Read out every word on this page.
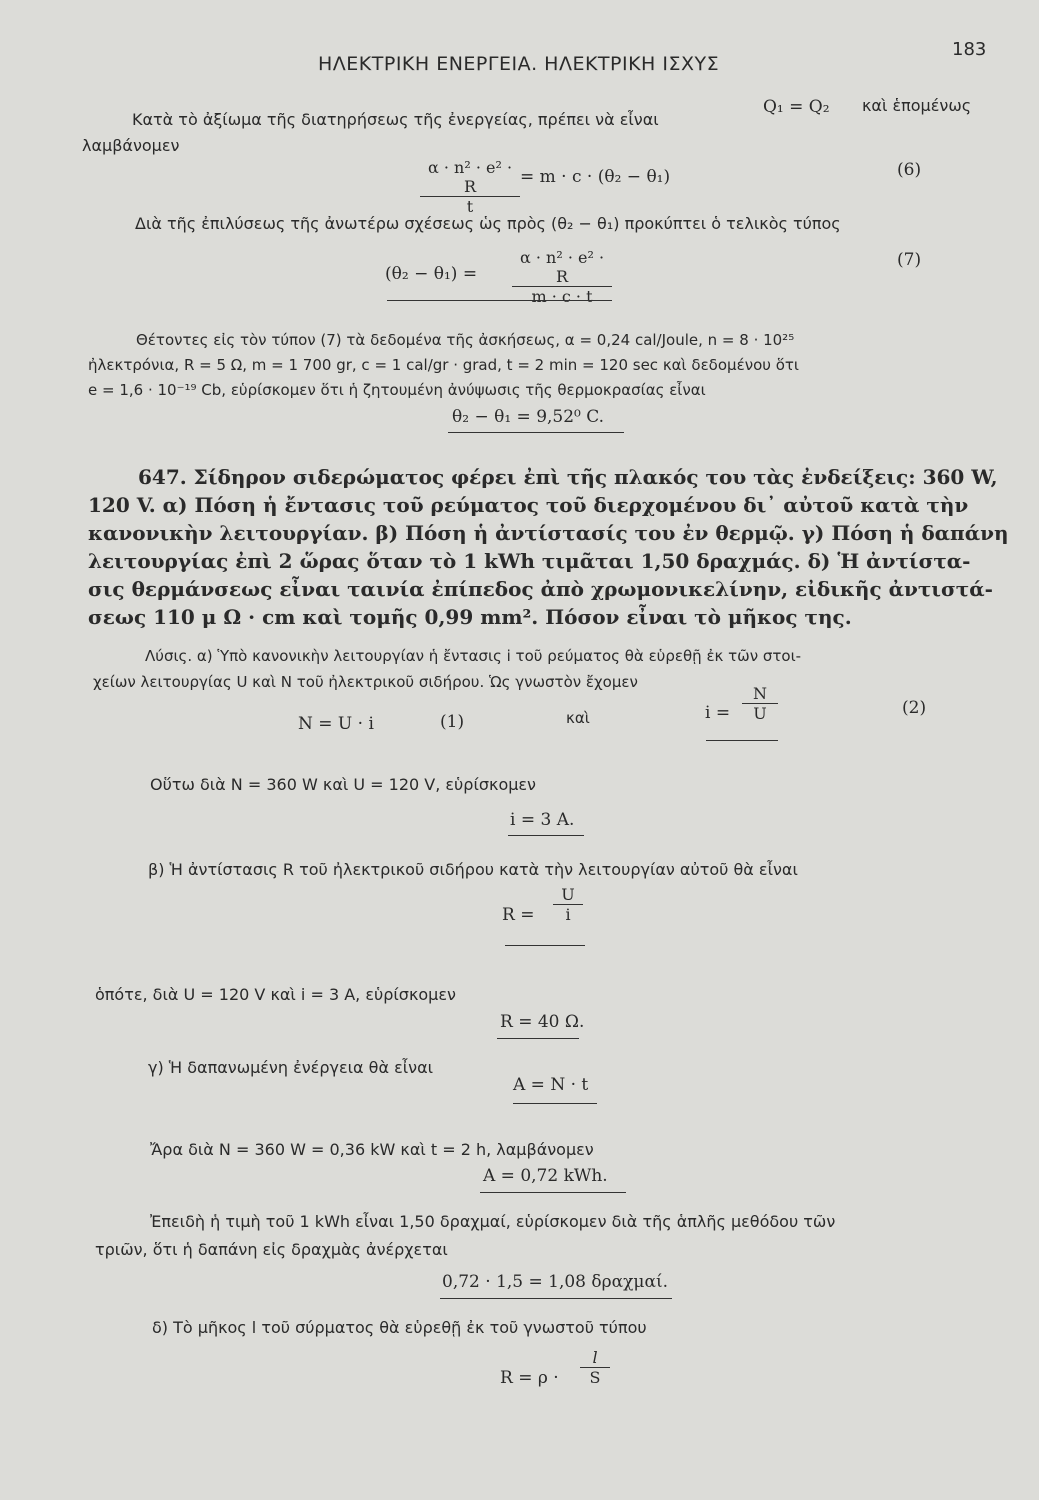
ΗΛΕΚΤΡΙΚΗ ΕΝΕΡΓΕΙΑ. ΗΛΕΚΤΡΙΚΗ ΙΣΧΥΣ
183
Κατὰ τὸ ἀξίωμα τῆς διατηρήσεως τῆς ἐνεργείας, πρέπει νὰ εἶναι
Q₁ = Q₂ καὶ ἑπομένως
λαμβάνομεν
α · n² · e² · R
t
= m · c · (θ₂ − θ₁)	(6)
Διὰ τῆς ἐπιλύσεως τῆς ἀνωτέρω σχέσεως ὡς πρὸς (θ₂ − θ₁) προκύπτει ὁ τελικὸς τύπος
(θ₂ − θ₁) =
α · n² · e² · R
m · c · t
(7)
Θέτοντες εἰς τὸν τύπον (7) τὰ δεδομένα τῆς ἀσκήσεως, α = 0,24 cal/Joule, n = 8 · 10²⁵
ἠλεκτρόνια, R = 5 Ω, m = 1 700 gr, c = 1 cal/gr · grad, t = 2 min = 120 sec καὶ δεδομένου ὅτι
e = 1,6 · 10⁻¹⁹ Cb, εὑρίσκομεν ὅτι ἡ ζητουμένη ἀνύψωσις τῆς θερμοκρασίας εἶναι
θ₂ − θ₁ = 9,52⁰ C.
647. Σίδηρον σιδερώματος φέρει ἐπὶ τῆς πλακός του τὰς ἐνδείξεις: 360 W,
120 V. α) Πόση ἡ ἔντασις τοῦ ρεύματος τοῦ διερχομένου δι᾿ αὐτοῦ κατὰ τὴν
κανονικὴν λειτουργίαν. β) Πόση ἡ ἀντίστασίς του ἐν θερμῷ. γ) Πόση ἡ δαπάνη
λειτουργίας ἐπὶ 2 ὥρας ὅταν τὸ 1 kWh τιμᾶται 1,50 δραχμάς. δ) Ἡ ἀντίστα-
σις θερμάνσεως εἶναι ταινία ἐπίπεδος ἀπὸ χρωμονικελίνην, εἰδικῆς ἀντιστά-
σεως 110 μ Ω · cm καὶ τομῆς 0,99 mm². Πόσον εἶναι τὸ μῆκος της.
Λύσις. α) Ὑπὸ κανονικὴν λειτουργίαν ἡ ἔντασις i τοῦ ρεύματος θὰ εὑρεθῇ ἐκ τῶν στοι-
χείων λειτουργίας U καὶ N τοῦ ἠλεκτρικοῦ σιδήρου. Ὡς γνωστὸν ἔχομεν
N = U · i	(1)	καὶ	i =
N
U	(2)
Οὕτω διὰ N = 360 W καὶ U = 120 V, εὑρίσκομεν
i = 3 A.
β) Ἡ ἀντίστασις R τοῦ ἠλεκτρικοῦ σιδήρου κατὰ τὴν λειτουργίαν αὐτοῦ θὰ εἶναι
R =
U
i
ὁπότε, διὰ U = 120 V καὶ i = 3 A, εὑρίσκομεν
R = 40 Ω.
γ) Ἡ δαπανωμένη ἐνέργεια θὰ εἶναι
A = N · t
Ἄρα διὰ N = 360 W = 0,36 kW καὶ t = 2 h, λαμβάνομεν
A = 0,72 kWh.
Ἐπειδὴ ἡ τιμὴ τοῦ 1 kWh εἶναι 1,50 δραχμαί, εὑρίσκομεν διὰ τῆς ἁπλῆς μεθόδου τῶν
τριῶν, ὅτι ἡ δαπάνη εἰς δραχμὰς ἀνέρχεται
0,72 · 1,5 = 1,08 δραχμαί.
δ) Τὸ μῆκος l τοῦ σύρματος θὰ εὑρεθῇ ἐκ τοῦ γνωστοῦ τύπου
R = ρ ·
l
S
